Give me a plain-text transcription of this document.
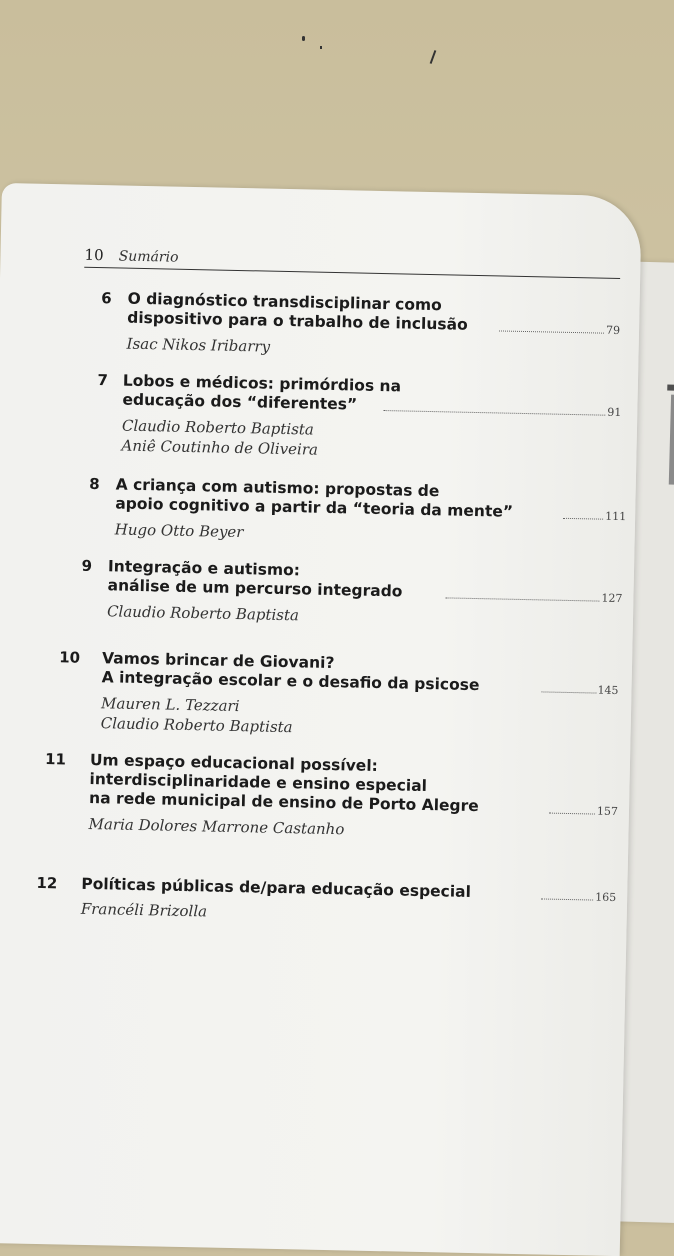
10 Sumário
6 O diagnóstico transdisciplinar como
dispositivo para o trabalho de inclusão	79
Isac Nikos Iribarry
7 Lobos e médicos: primórdios na
educação dos “diferentes”	91
Claudio Roberto Baptista
Aniê Coutinho de Oliveira
8 A criança com autismo: propostas de
apoio cognitivo a partir da “teoria da mente”	111
Hugo Otto Beyer
9 Integração e autismo:
análise de um percurso integrado	127
Claudio Roberto Baptista
10 Vamos brincar de Giovani?
A integração escolar e o desafio da psicose	145
Mauren L. Tezzari
Claudio Roberto Baptista
11 Um espaço educacional possível:
interdisciplinaridade e ensino especial
na rede municipal de ensino de Porto Alegre	157
Maria Dolores Marrone Castanho
12 Políticas públicas de/para educação especial	165
Francéli Brizolla
